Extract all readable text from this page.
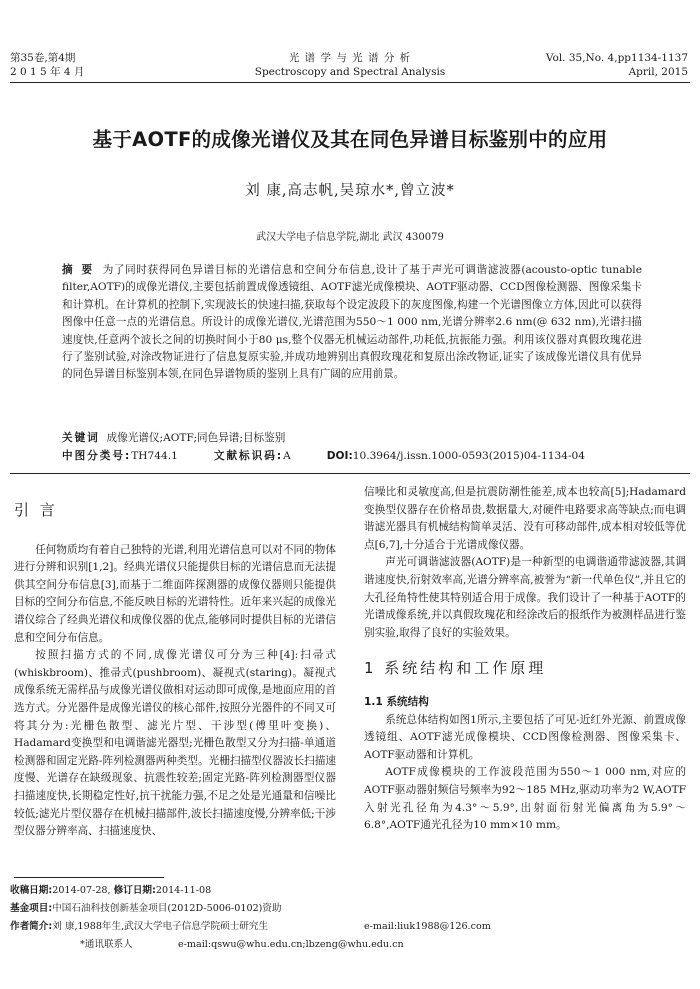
第35卷,第4期
2 0 1 5 年 4 月
光 谱 学 与 光 谱 分 析
Spectroscopy and Spectral Analysis
Vol. 35,No. 4,pp1134-1137
April, 2015
基于AOTF的成像光谱仪及其在同色异谱目标鉴别中的应用
刘 康,高志帆,吴琼水*,曾立波*
武汉大学电子信息学院,湖北 武汉 430079
摘 要 为了同时获得同色异谱目标的光谱信息和空间分布信息,设计了基于声光可调谐滤波器(acousto-optic tunable filter,AOTF)的成像光谱仪,主要包括前置成像透镜组、AOTF滤光成像模块、AOTF驱动器、CCD图像检测器、图像采集卡和计算机。在计算机的控制下,实现波长的快速扫描,获取每个设定波段下的灰度图像,构建一个光谱图像立方体,因此可以获得图像中任意一点的光谱信息。所设计的成像光谱仪,光谱范围为550～1 000 nm,光谱分辨率2.6 nm(@ 632 nm),光谱扫描速度快,任意两个波长之间的切换时间小于80 μs,整个仪器无机械运动部件,功耗低,抗振能力强。利用该仪器对真假玫瑰花进行了鉴别试验,对涂改物证进行了信息复原实验,并成功地辨别出真假玫瑰花和复原出涂改物证,证实了该成像光谱仪具有优异的同色异谱目标鉴别本领,在同色异谱物质的鉴别上具有广阔的应用前景。
关键词 成像光谱仪;AOTF;同色异谱;目标鉴别
中图分类号:TH744.1	文献标识码:A	DOI:10.3964/j.issn.1000-0593(2015)04-1134-04
引 言

任何物质均有着自己独特的光谱,利用光谱信息可以对不同的物体进行分辨和识别[1,2]。经典光谱仪只能提供目标的光谱信息而无法提供其空间分布信息[3],而基于二维面阵探测器的成像仪器则只能提供目标的空间分布信息,不能反映目标的光谱特性。近年来兴起的成像光谱仪综合了经典光谱仪和成像仪器的优点,能够同时提供目标的光谱信息和空间分布信息。

按照扫描方式的不同,成像光谱仪可分为三种[4]:扫帚式(whiskbroom)、推帚式(pushbroom)、凝视式(staring)。凝视式成像系统无需样品与成像光谱仪做相对运动即可成像,是地面应用的首选方式。分光器件是成像光谱仪的核心部件,按照分光器件的不同又可将其分为:光栅色散型、滤光片型、干涉型(傅里叶变换)、Hadamard变换型和电调谐滤光器型;光栅色散型又分为扫描-单通道检测器和固定光路-阵列检测器两种类型。光栅扫描型仪器波长扫描速度慢、光谱存在缺级现象、抗震性较差;固定光路-阵列检测器型仪器扫描速度快,长期稳定性好,抗干扰能力强,不足之处是光通量和信噪比较低;滤光片型仪器存在机械扫描部件,波长扫描速度慢,分辨率低;干涉型仪器分辨率高、扫描速度快、

信噪比和灵敏度高,但是抗震防潮性能差,成本也较高[5];Hadamard变换型仪器存在价格昂贵,数据量大,对硬件电路要求高等缺点;而电调谐滤光器具有机械结构简单灵活、没有可移动部件,成本相对较低等优点[6,7],十分适合于光谱成像仪器。

声光可调谐滤波器(AOTF)是一种新型的电调谐通带滤波器,其调谐速度快,衍射效率高,光谱分辨率高,被誉为“新一代单色仪”,并且它的大孔径角特性使其特别适合用于成像。我们设计了一种基于AOTF的光谱成像系统,并以真假玫瑰花和经涂改后的报纸作为被测样品进行鉴别实验,取得了良好的实验效果。

1 系统结构和工作原理
1.1 系统结构

系统总体结构如图1所示,主要包括了可见-近红外光源、前置成像透镜组、AOTF滤光成像模块、CCD图像检测器、图像采集卡、AOTF驱动器和计算机。

AOTF成像模块的工作波段范围为550～1 000 nm,对应的AOTF驱动器射频信号频率为92～185 MHz,驱动功率为2 W,AOTF入射光孔径角为4.3°～5.9°,出射面衍射光偏离角为5.9°～6.8°,AOTF通光孔径为10 mm×10 mm。

收稿日期:2014-07-28, 修订日期:2014-11-08
基金项目:中国石油科技创新基金项目(2012D-5006-0102)资助
作者简介:刘 康,1988年生,武汉大学电子信息学院硕士研究生	e-mail:liuk1988@126.com
*通讯联系人	e-mail:qswu@whu.edu.cn;lbzeng@whu.edu.cn
